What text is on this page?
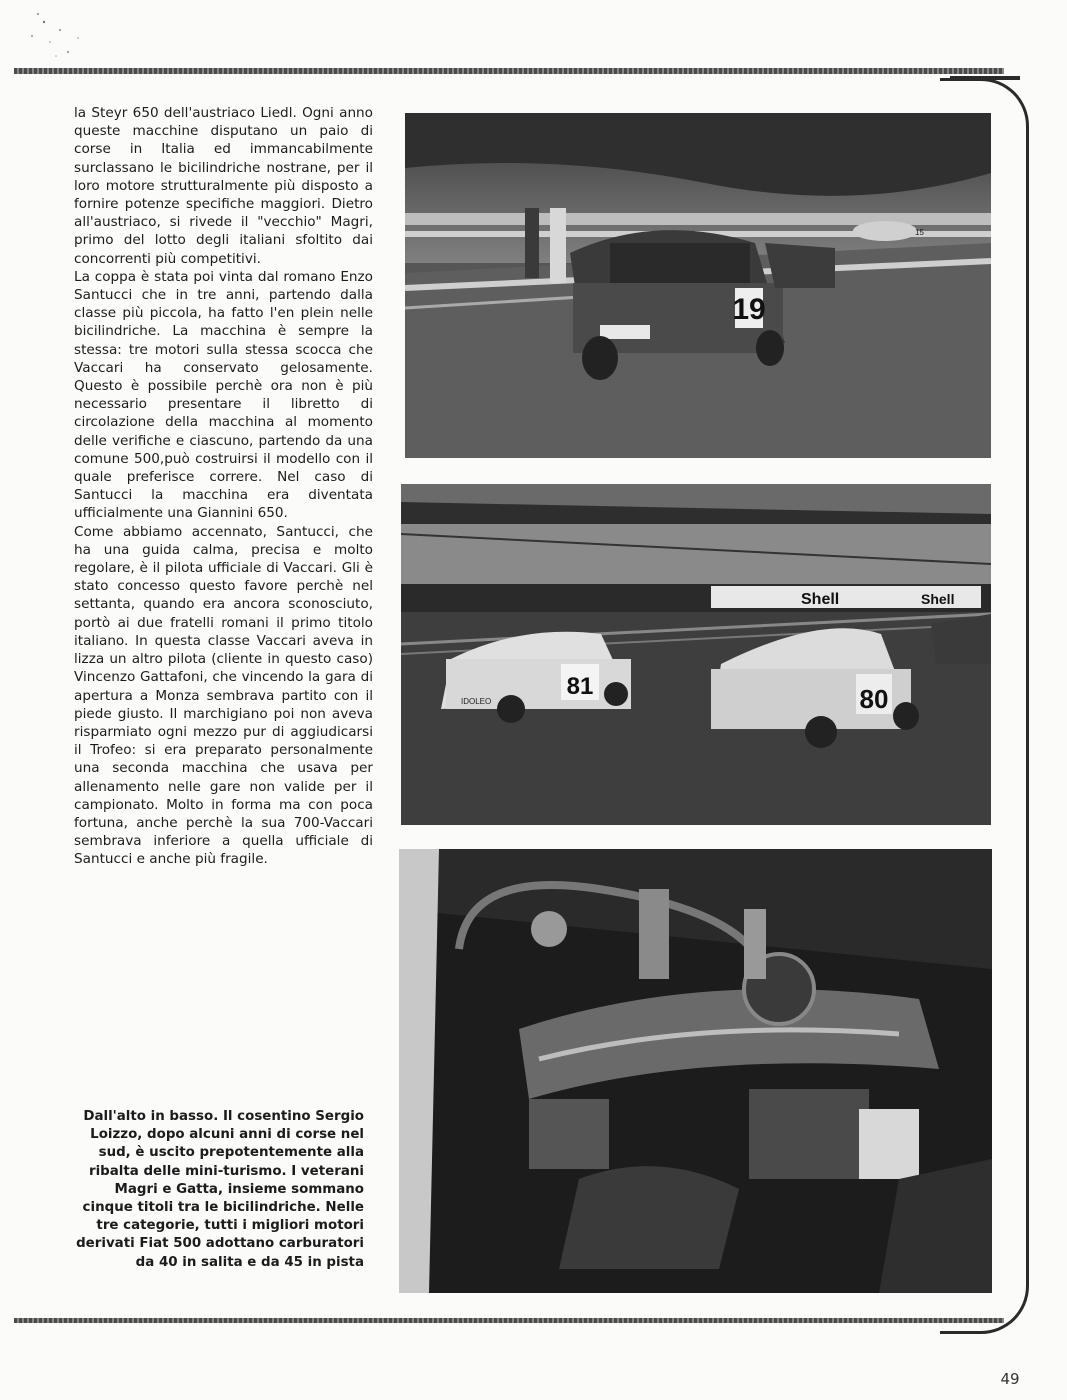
la Steyr 650 dell'austriaco Liedl. Ogni anno queste macchine disputano un paio di corse in Italia ed immancabilmente surclassano le bicilindriche nostrane, per il loro motore strutturalmente più disposto a fornire potenze specifiche maggiori. Dietro all'austriaco, si rivede il "vecchio" Magri, primo del lotto degli italiani sfoltito dai concorrenti più competitivi.

La coppa è stata poi vinta dal romano Enzo Santucci che in tre anni, partendo dalla classe più piccola, ha fatto l'en plein nelle bicilindriche. La macchina è sempre la stessa: tre motori sulla stessa scocca che Vaccari ha conservato gelosamente. Questo è possibile perchè ora non è più necessario presentare il libretto di circolazione della macchina al momento delle verifiche e ciascuno, partendo da una comune 500,può costruirsi il modello con il quale preferisce correre. Nel caso di Santucci la macchina era diventata ufficialmente una Giannini 650.

Come abbiamo accennato, Santucci, che ha una guida calma, precisa e molto regolare, è il pilota ufficiale di Vaccari. Gli è stato concesso questo favore perchè nel settanta, quando era ancora sconosciuto, portò ai due fratelli romani il primo titolo italiano. In questa classe Vaccari aveva in lizza un altro pilota (cliente in questo caso) Vincenzo Gattafoni, che vincendo la gara di apertura a Monza sembrava partito con il piede giusto. Il marchigiano poi non aveva risparmiato ogni mezzo pur di aggiudicarsi il Trofeo: si era preparato personalmente una seconda macchina che usava per allenamento nelle gare non valide per il campionato. Molto in forma ma con poca fortuna, anche perchè la sua 700-Vaccari sembrava inferiore a quella ufficiale di Santucci e anche più fragile.

19
15
Shell	Shell
81
IDOLEO	80
Dall'alto in basso. Il cosentino Sergio Loizzo, dopo alcuni anni di corse nel sud, è uscito prepotentemente alla ribalta delle mini-turismo. I veterani Magri e Gatta, insieme sommano cinque titoli tra le bicilindriche. Nelle tre categorie, tutti i migliori motori derivati Fiat 500 adottano carburatori da 40 in salita e da 45 in pista
49
